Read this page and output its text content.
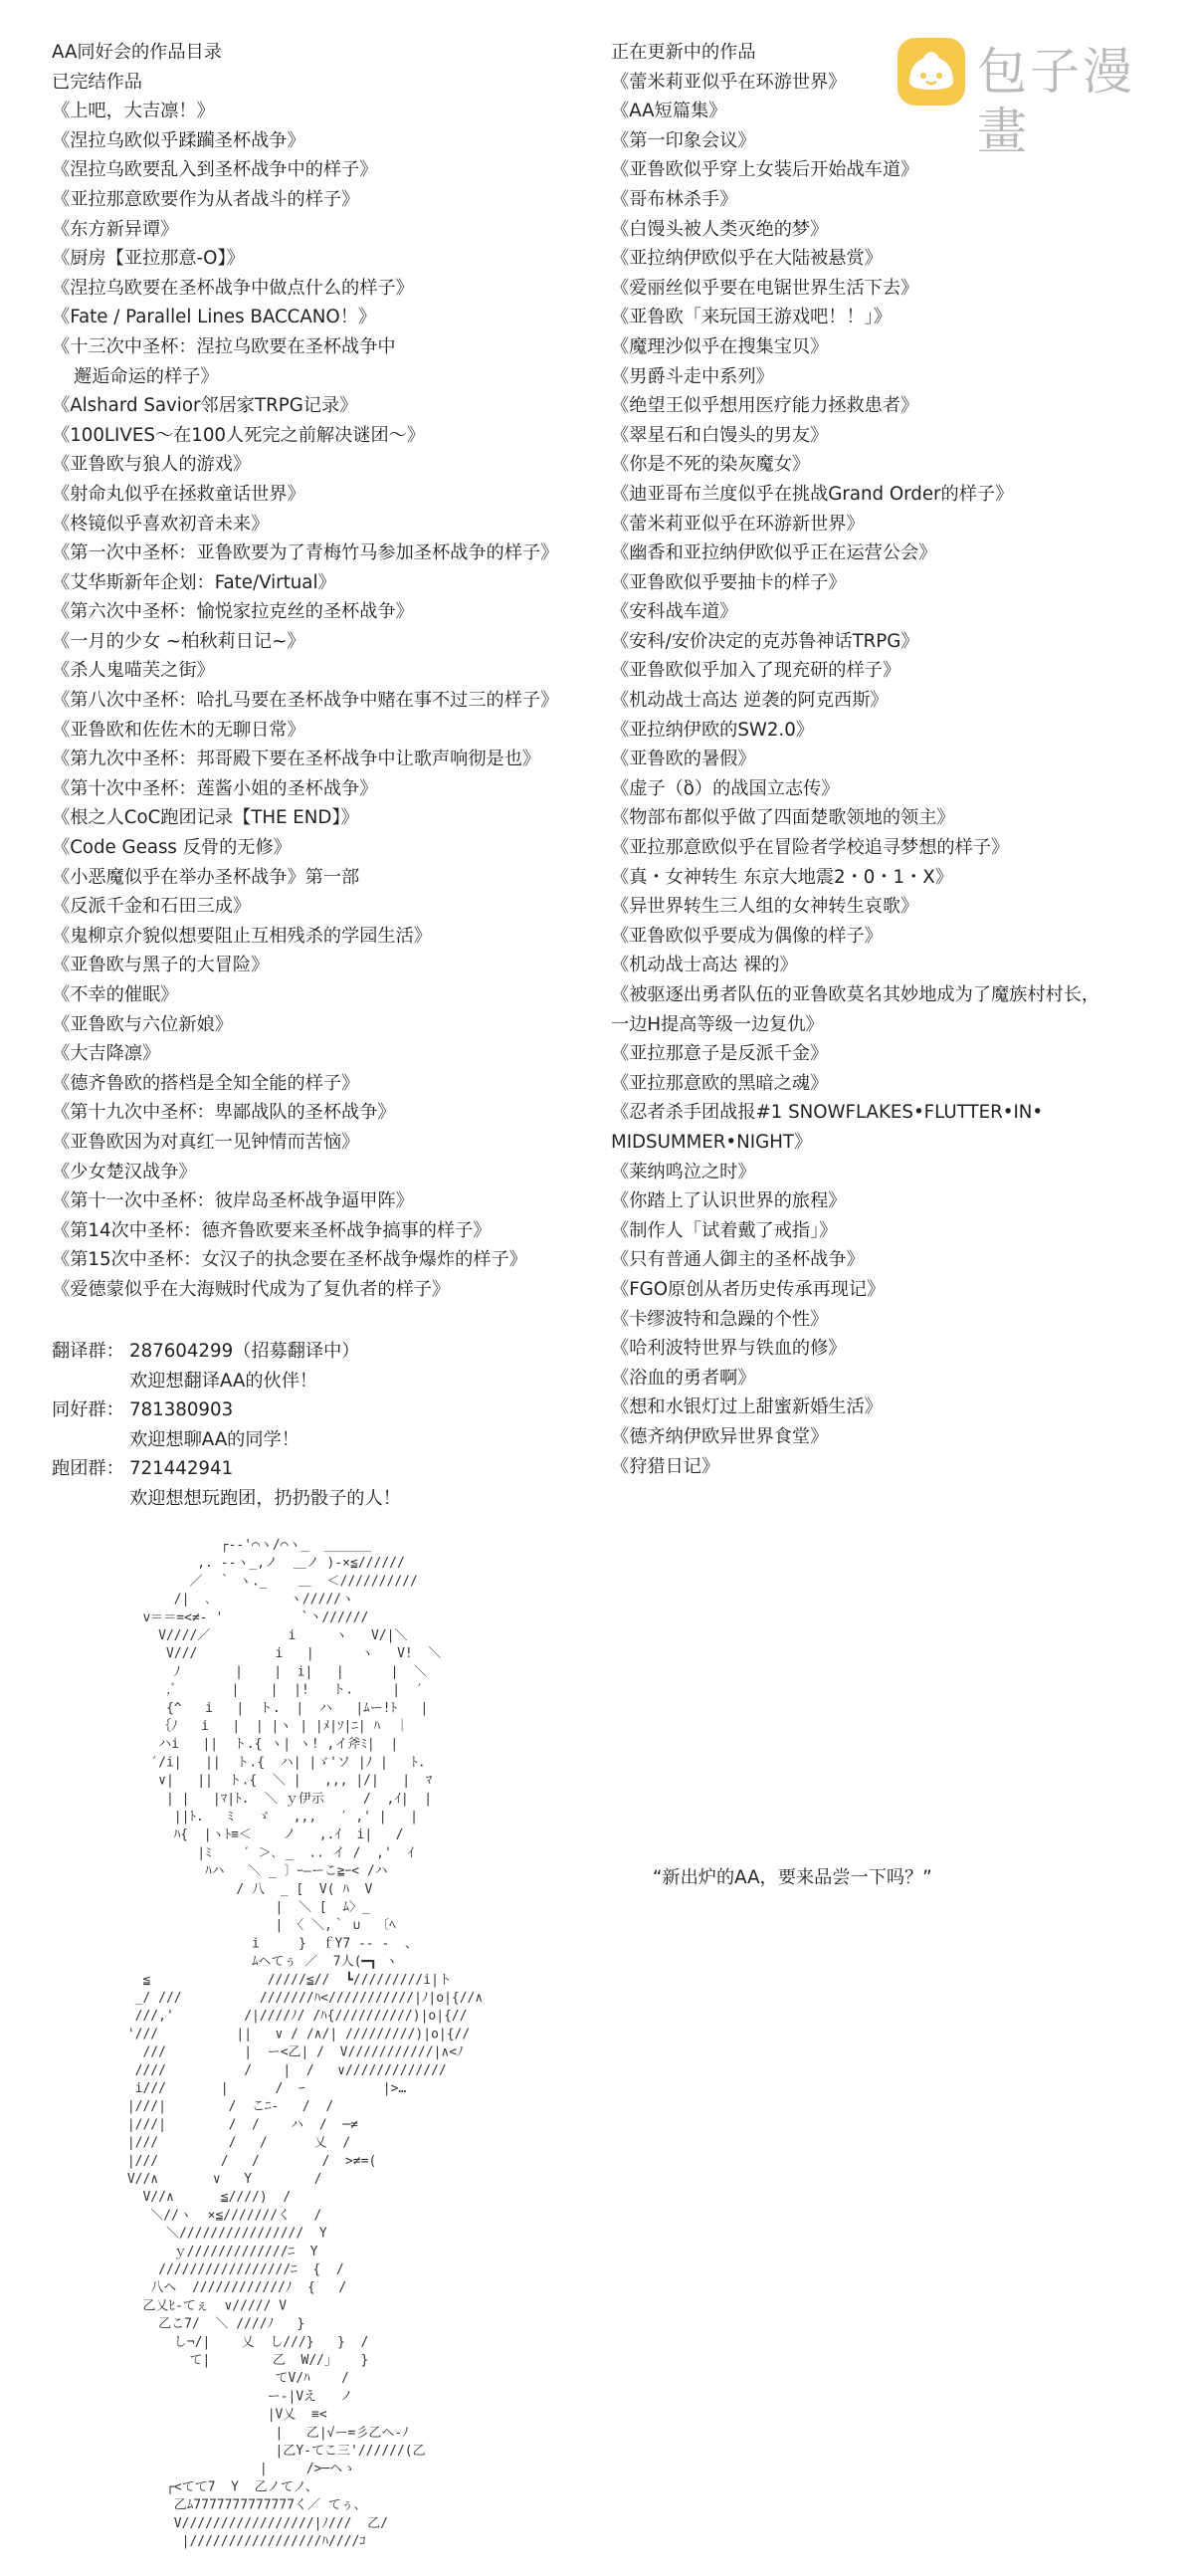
AA同好会的作品目录
已完结作品
《上吧，大吉凛！》
《涅拉乌欧似乎蹂躏圣杯战争》
《涅拉乌欧要乱入到圣杯战争中的样子》
《亚拉那意欧要作为从者战斗的样子》
《东方新异谭》
《厨房【亚拉那意-O】》
《涅拉乌欧要在圣杯战争中做点什么的样子》
《Fate / Parallel Lines BACCANO！》
《十三次中圣杯：涅拉乌欧要在圣杯战争中
邂逅命运的样子》
《Alshard Savior邻居家TRPG记录》
《100LIVES～在100人死完之前解决谜团～》
《亚鲁欧与狼人的游戏》
《射命丸似乎在拯救童话世界》
《柊镜似乎喜欢初音未来》
《第一次中圣杯：亚鲁欧要为了青梅竹马参加圣杯战争的样子》
《艾华斯新年企划：Fate/Virtual》
《第六次中圣杯：愉悦家拉克丝的圣杯战争》
《一月的少女 ~柏秋莉日记~》
《杀人鬼喵芙之街》
《第八次中圣杯：哈扎马要在圣杯战争中赌在事不过三的样子》
《亚鲁欧和佐佐木的无聊日常》
《第九次中圣杯：邦哥殿下要在圣杯战争中让歌声响彻是也》
《第十次中圣杯：莲酱小姐的圣杯战争》
《根之人CoC跑团记录【THE END】》
《Code Geass 反骨的无修》
《小恶魔似乎在举办圣杯战争》第一部
《反派千金和石田三成》
《鬼柳京介貌似想要阻止互相残杀的学园生活》
《亚鲁欧与黑子的大冒险》
《不幸的催眠》
《亚鲁欧与六位新娘》
《大吉降凛》
《德齐鲁欧的搭档是全知全能的样子》
《第十九次中圣杯：卑鄙战队的圣杯战争》
《亚鲁欧因为对真红一见钟情而苦恼》
《少女楚汉战争》
《第十一次中圣杯：彼岸岛圣杯战争逼甲阵》
《第14次中圣杯：德齐鲁欧要来圣杯战争搞事的样子》
《第15次中圣杯：女汉子的执念要在圣杯战争爆炸的样子》
《爱德蒙似乎在大海贼时代成为了复仇者的样子》
正在更新中的作品
《蕾米莉亚似乎在环游世界》
《AA短篇集》
《第一印象会议》
《亚鲁欧似乎穿上女装后开始战车道》
《哥布林杀手》
《白馒头被人类灭绝的梦》
《亚拉纳伊欧似乎在大陆被悬赏》
《爱丽丝似乎要在电锯世界生活下去》
《亚鲁欧「来玩国王游戏吧！！」》
《魔理沙似乎在搜集宝贝》
《男爵斗走中系列》
《绝望王似乎想用医疗能力拯救患者》
《翠星石和白馒头的男友》
《你是不死的染灰魔女》
《迪亚哥布兰度似乎在挑战Grand Order的样子》
《蕾米莉亚似乎在环游新世界》
《幽香和亚拉纳伊欧似乎正在运营公会》
《亚鲁欧似乎要抽卡的样子》
《安科战车道》
《安科/安价决定的克苏鲁神话TRPG》
《亚鲁欧似乎加入了现充研的样子》
《机动战士高达 逆袭的阿克西斯》
《亚拉纳伊欧的SW2.0》
《亚鲁欧的暑假》
《虚子（ὃ）的战国立志传》
《物部布都似乎做了四面楚歌领地的领主》
《亚拉那意欧似乎在冒险者学校追寻梦想的样子》
《真・女神转生 东京大地震2・0・1・X》
《异世界转生三人组的女神转生哀歌》
《亚鲁欧似乎要成为偶像的样子》
《机动战士高达 裸的》
《被驱逐出勇者队伍的亚鲁欧莫名其妙地成为了魔族村村长，
一边H提高等级一边复仇》
《亚拉那意子是反派千金》
《亚拉那意欧的黑暗之魂》
《忍者杀手团战报#1 SNOWFLAKES•FLUTTER•IN•
MIDSUMMER•NIGHT》
《莱纳鸣泣之时》
《你踏上了认识世界的旅程》
《制作人「试着戴了戒指」》
《只有普通人御主的圣杯战争》
《FGO原创从者历史传承再现记》
《卡缪波特和急躁的个性》
《哈利波特世界与铁血的修》
《浴血的勇者啊》
《想和水银灯过上甜蜜新婚生活》
《德齐纳伊欧异世界食堂》
《狩猎日记》
翻译群： 287604299（招募翻译中）
欢迎想翻译AA的伙伴！
同好群： 781380903
欢迎想聊AA的同学！
跑团群： 721442941
欢迎想想玩跑团，扔扔骰子的人！
包子漫畫
┌-‐'⌒ヽ/⌒ヽ_  ______
,. -‐ヽ_,ノ  ＿ノ )‐×≦//////
／  ｀ ヽ._    ＿  ＜//////////
/|  ､          ヽ/////ヽ
v＝＝=<≠- '          `丶//////
V////／          i     ヽ   V/|＼
V///          i   |      ヽ   V!  ＼
ﾉ       |    |  i|   |      |  ＼
,ﾞ       |    |  |!   ト.     |  ′
{^   i   |  ト.  |  ハ   |ﾑー!ﾄ   |
｛ﾉ   i   |  | |ヽ | |ﾒ|ｿ|ﾆ| ﾊ  ｜
ハi   ||  ト.{ ヽ| ヽ! ,イ斧ﾐ|  |
′/i|   ||  ト.{  ハ| |ゞ'ソ |ﾉ |   ﾄ.
∨|   ||  ト.{  ＼ |   ,,, |/|   |  ﾏ
| |   |ﾏ|ﾄ.  ＼ ｙ伊示     /  ,ｲ|  |
||ﾄ.   ﾐ   ゞ   ,,,   ′ ,' |   |
ﾊ{  |ヽﾄ≡＜    ノ   ,.ｲ  i|   /
|ﾐ    ′ ＞､ _  .. イ /  ,'  ｲ
ﾊハ   ＼ _ 〕ｰ―ーこ≧ｰ< /ハ
/ 八  _ [  V( ﾊ  V
|  ＼ [  ﾑ〉_
| 〈 ＼,｀ ∪  〔ﾍ
i     }  ｆY7 -‐ ‐  、
ﾑヘてぅ ／  7人(━┓ ヽ
≦               /////≦//  ┗/////////i|ト
_/ ///          ///////ﾊ<///////////|ﾉ|o|{//∧
///,'         /|////ﾉ/ /ﾊ{//////////)|o|{//
'///          ||   ∨ / /∧/| /////////)|o|{//
///          |  ー<乙| /  V///////////|∧<ﾉ
////          /    |  /   ∨/////////////
i///       |      /  ｰ          |>…
|///|        /  こﾆ-   /  /
|///|        /  /    ハ  /  ─≠
|///         /   /      乂  /
|///        /   /        /  >≠=(
V//∧       ∨   Y        /
V//∧      ≦////)  /
＼//ヽ  ×≦///////く   /
＼////////////////  Y
ｙ/////////////ﾆ  Y
/////////////////ﾆ  {  /
八ヘ  ////////////ﾉ  {   /
乙乂ﾋ-てぇ  ∨///// V
乙こ7/  ＼ ////ﾉ   }
し¬/|    乂  し///}   }  /
て|        乙  W//」   }
てV/ﾊ    /
ー-|Vえ   ノ
|V乂  ≡<
|   乙|√ー=彡乙ヘ-ﾉ
|乙Y-てこ三'//////(乙
|     />─ヘゝ
┌<てて7  Y  乙ノてノ、
乙ﾑ7777777777777く／ てぅ、
V/////////////////|ﾉ///  乙/
|/////////////////ﾊ////ｺ
“新出炉的AA，要来品尝一下吗？”
